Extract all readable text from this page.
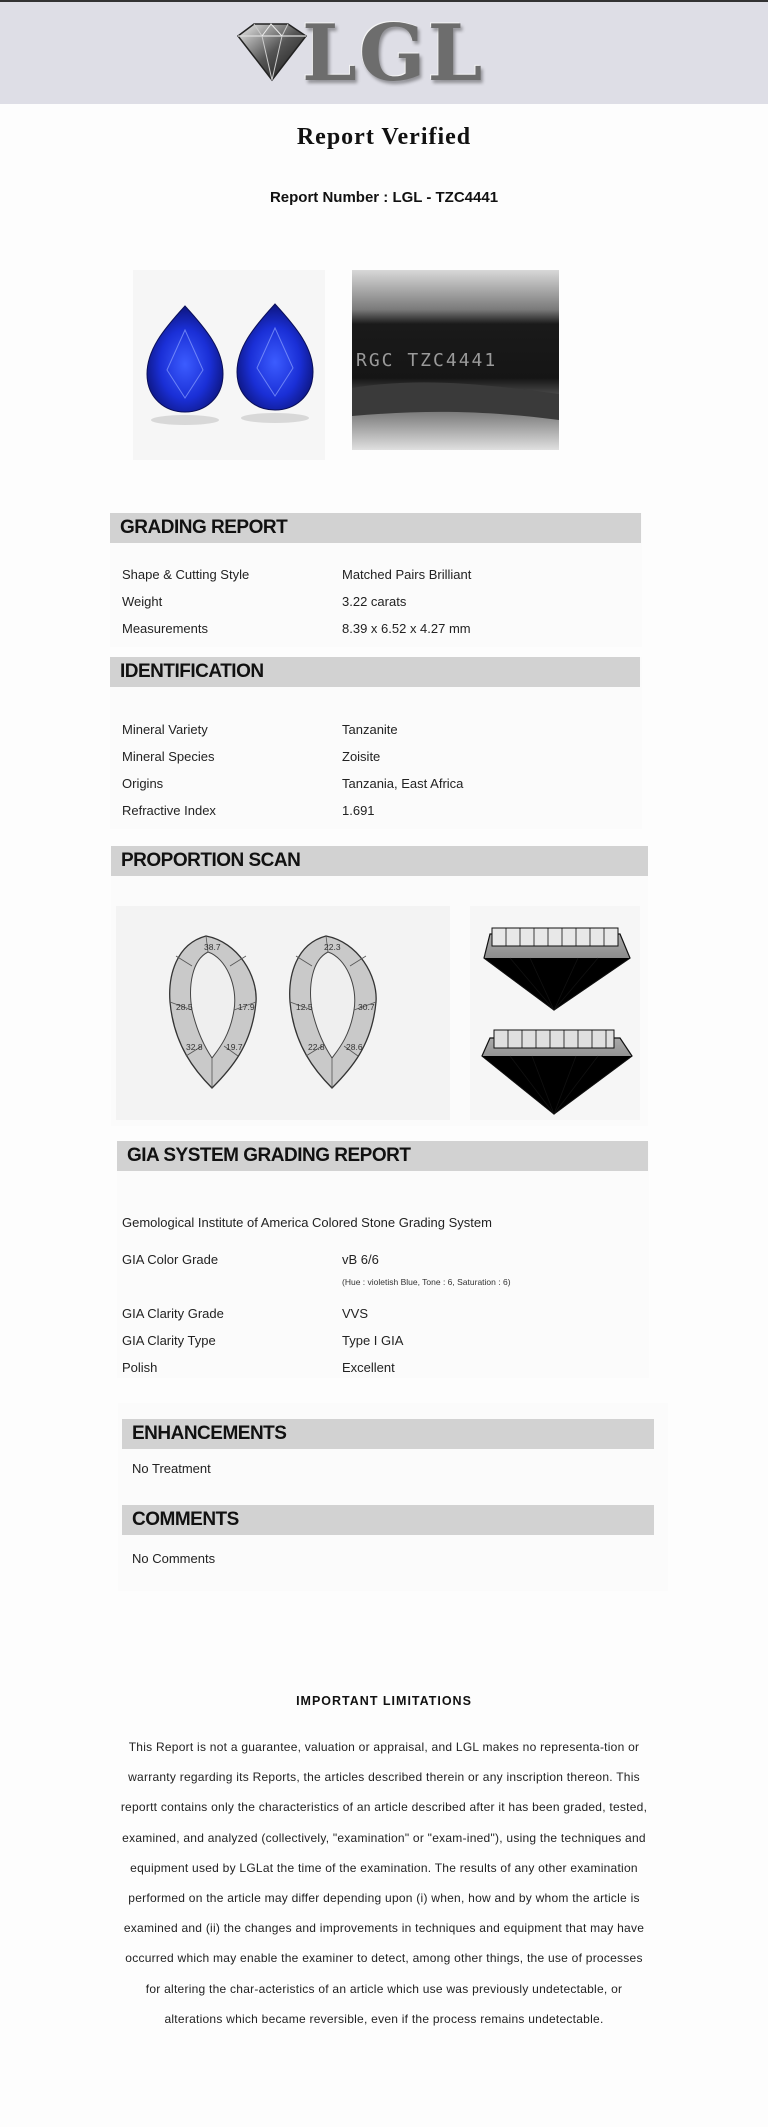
LGL
Report Verified
Report Number : LGL - TZC4441
RGC TZC4441
GRADING REPORT
Shape & Cutting Style	Matched Pairs Brilliant
Weight	3.22 carats
Measurements	8.39 x 6.52 x 4.27 mm
IDENTIFICATION
Mineral Variety	Tanzanite
Mineral Species	Zoisite
Origins	Tanzania, East Africa
Refractive Index	1.691
PROPORTION SCAN
38.7	22.3
28.5	17.9	12.5	30.7
32.8	19.7	22.8	28.6
GIA SYSTEM GRADING REPORT
Gemological Institute of America Colored Stone Grading System
GIA Color Grade	vB 6/6
(Hue : violetish Blue, Tone : 6, Saturation : 6)
GIA Clarity Grade	VVS
GIA Clarity Type	Type I GIA
Polish	Excellent
ENHANCEMENTS
No Treatment
COMMENTS
No Comments
IMPORTANT LIMITATIONS
This Report is not a guarantee, valuation or appraisal, and LGL makes no representa-tion or warranty regarding its Reports, the articles described therein or any inscription thereon. This reportt contains only the characteristics of an article described after it has been graded, tested, examined, and analyzed (collectively, "examination" or "exam-ined"), using the techniques and equipment used by LGLat the time of the examination. The results of any other examination performed on the article may differ depending upon (i) when, how and by whom the article is examined and (ii) the changes and improvements in techniques and equipment that may have occurred which may enable the examiner to detect, among other things, the use of processes for altering the char-acteristics of an article which use was previously undetectable, or alterations which became reversible, even if the process remains undetectable.
